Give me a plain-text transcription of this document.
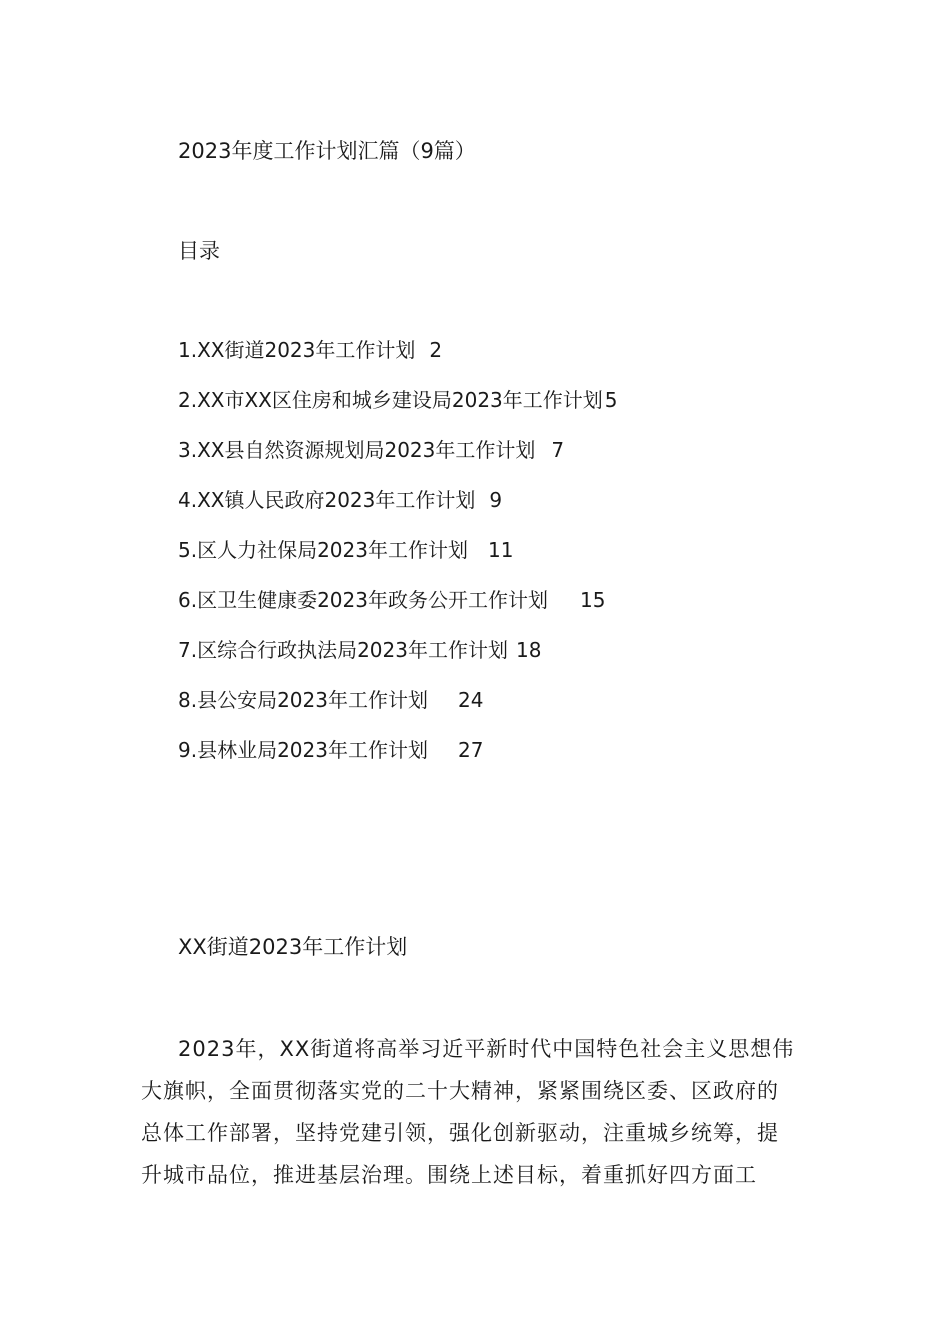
2023年度工作计划汇篇（9篇）
目录
1.XX街道2023年工作计划 2
2.XX市XX区住房和城乡建设局2023年工作计划 5
3.XX县自然资源规划局2023年工作计划 7
4.XX镇人民政府2023年工作计划 9
5.区人力社保局2023年工作计划 11
6.区卫生健康委2023年政务公开工作计划 15
7.区综合行政执法局2023年工作计划 18
8.县公安局2023年工作计划 24
9.县林业局2023年工作计划 27
XX街道2023年工作计划
2023年，XX街道将高举习近平新时代中国特色社会主义思想伟
大旗帜，全面贯彻落实党的二十大精神，紧紧围绕区委、区政府的
总体工作部署，坚持党建引领，强化创新驱动，注重城乡统筹，提
升城市品位，推进基层治理。围绕上述目标，着重抓好四方面工
